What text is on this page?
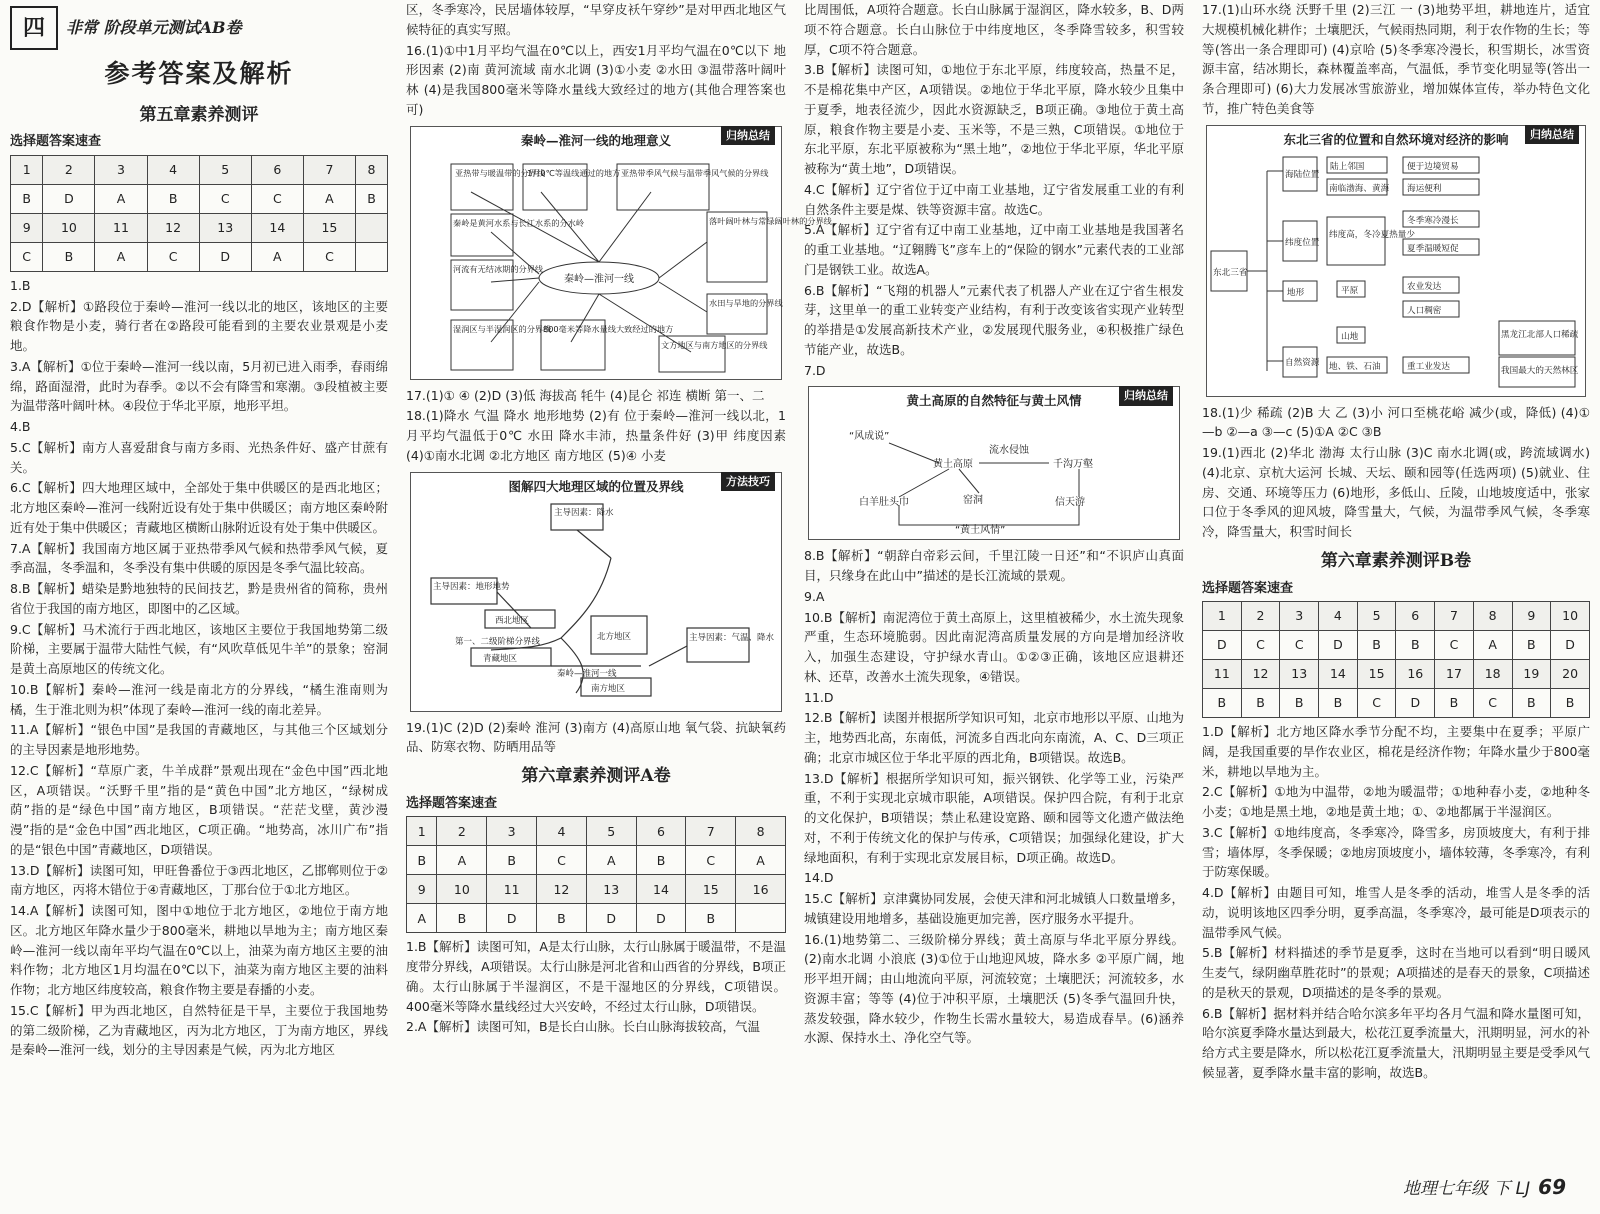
四	非常 阶段单元测试AB卷
参考答案及解析
第五章素养测评
选择题答案速查
1	2	3	4	5	6	7	8
B	D	A	B	C	C	A	B
9	10	11	12	13	14	15	
C	B	A	C	D	A	C	

1.B

2.D【解析】①路段位于秦岭—淮河一线以北的地区，该地区的主要粮食作物是小麦，骑行者在②路段可能看到的主要农业景观是小麦地。

3.A【解析】①位于秦岭—淮河一线以南，5月初已进入雨季，春雨绵绵，路面湿滑，此时为春季。②以不会有降雪和寒潮。③段植被主要为温带落叶阔叶林。④段位于华北平原，地形平坦。

4.B

5.C【解析】南方人喜爱甜食与南方多雨、光热条件好、盛产甘蔗有关。

6.C【解析】四大地理区域中，全部处于集中供暖区的是西北地区；北方地区秦岭—淮河一线附近设有处于集中供暖区；南方地区秦岭附近有处于集中供暖区；青藏地区横断山脉附近设有处于集中供暖区。

7.A【解析】我国南方地区属于亚热带季风气候和热带季风气候，夏季高温，冬季温和，冬季没有集中供暖的原因是冬季气温比较高。

8.B【解析】蜡染是黔地独特的民间技艺，黔是贵州省的简称，贵州省位于我国的南方地区，即图中的乙区域。

9.C【解析】马术流行于西北地区，该地区主要位于我国地势第二级阶梯，主要属于温带大陆性气候，有“风吹草低见牛羊”的景象；窑洞是黄土高原地区的传统文化。

10.B【解析】秦岭—淮河一线是南北方的分界线，“橘生淮南则为橘，生于淮北则为枳”体现了秦岭—淮河一线的南北差异。

11.A【解析】“银色中国”是我国的青藏地区，与其他三个区域划分的主导因素是地形地势。

12.C【解析】“草原广袤，牛羊成群”景观出现在“金色中国”西北地区，A项错误。“沃野千里”指的是“黄色中国”北方地区，“绿树成荫”指的是“绿色中国”南方地区，B项错误。“茫茫戈壁，黄沙漫漫”指的是“金色中国”西北地区，C项正确。“地势高，冰川广布”指的是“银色中国”青藏地区，D项错误。

13.D【解析】读图可知，甲旺鲁番位于③西北地区，乙邯郸则位于②南方地区，丙将木错位于④青藏地区，丁那台位于①北方地区。

14.A【解析】读图可知，图中①地位于北方地区，②地位于南方地区。北方地区年降水量少于800毫米，耕地以旱地为主；南方地区秦岭—淮河一线以南年平均气温在0℃以上，油菜为南方地区主要的油料作物；北方地区1月均温在0℃以下，油菜为南方地区主要的油料作物；北方地区纬度较高，粮食作物主要是春播的小麦。

15.C【解析】甲为西北地区，自然特征是干旱，主要位于我国地势的第二级阶梯，乙为青藏地区，丙为北方地区，丁为南方地区，界线是秦岭—淮河一线，划分的主导因素是气候，丙为北方地区

区，冬季寒冷，民居墙体较厚，“早穿皮袄午穿纱”是对甲西北地区气候特征的真实写照。

16.(1)①中1月平均气温在0℃以上，西安1月平均气温在0℃以下 地形因素 (2)南 黄河流域 南水北调 (3)①小麦 ②水田 ③温带落叶阔叶林 (4)是我国800毫米等降水量线大致经过的地方(其他合理答案也可)

归纳总结
秦岭—淮河一线的地理意义
秦岭—淮河一线
亚热带与暖温带的分界线
1月0℃等温线通过的地方 亚热带季风气候与温带季风气候的分界线
落叶阔叶林与常绿阔叶林的分界线
水田与旱地的分界线
文方地区与南方地区的分界线
800毫米等降水量线大致经过的地方
湿润区与半湿润区的分界线
河流有无结冰期的分界线
秦岭是黄河水系与长江水系的分水岭

17.(1)① ④ (2)D (3)低 海拔高 牦牛 (4)昆仑 祁连 横断 第一、二

18.(1)降水 气温 降水 地形地势 (2)有 位于秦岭—淮河一线以北，1月平均气温低于0℃ 水田 降水丰沛，热量条件好 (3)甲 纬度因素 (4)①南水北调 ②北方地区 南方地区 (5)④ 小麦

方法技巧
图解四大地理区域的位置及界线
主导因素：降水
主导因素：地形地势
西北地区
北方地区
青藏地区
南方地区
主导因素：气温、降水
第一、二级阶梯分界线
秦岭—淮河一线

19.(1)C (2)D (2)秦岭 淮河 (3)南方 (4)高原山地 氧气袋、抗缺氧药品、防寒衣物、防晒用品等

第六章素养测评A卷
选择题答案速查
1	2	3	4	5	6	7	8
B	A	B	C	A	B	C	A
9	10	11	12	13	14	15	16
A	B	D	B	D	D	B	

1.B【解析】读图可知，A是太行山脉，太行山脉属于暖温带，不是温度带分界线，A项错误。太行山脉是河北省和山西省的分界线，B项正确。太行山脉属于半湿润区，不是干湿地区的分界线，C项错误。400毫米等降水量线经过大兴安岭，不经过太行山脉，D项错误。

2.A【解析】读图可知，B是长白山脉。长白山脉海拔较高，气温

比周围低，A项符合题意。长白山脉属于湿润区，降水较多，B、D两项不符合题意。长白山脉位于中纬度地区，冬季降雪较多，积雪较厚，C项不符合题意。

3.B【解析】读图可知，①地位于东北平原，纬度较高，热量不足，不是棉花集中产区，A项错误。②地位于华北平原，降水较少且集中于夏季，地表径流少，因此水资源缺乏，B项正确。③地位于黄土高原，粮食作物主要是小麦、玉米等，不是三熟，C项错误。①地位于东北平原，东北平原被称为“黑土地”，②地位于华北平原，华北平原被称为“黄土地”，D项错误。

4.C【解析】辽宁省位于辽中南工业基地，辽宁省发展重工业的有利自然条件主要是煤、铁等资源丰富。故选C。

5.A【解析】辽宁省有辽中南工业基地，辽中南工业基地是我国著名的重工业基地。“辽翱腾飞”彦车上的“保险的钢水”元素代表的工业部门是钢铁工业。故选A。

6.B【解析】“飞翔的机器人”元素代表了机器人产业在辽宁省生根发芽，这里单一的重工业转变产业结构，有利于改变该省实现产业转型的举措是①发展高新技术产业，②发展现代服务业，④积极推广绿色节能产业，故选B。

7.D

归纳总结
黄土高原的自然特征与黄土风情
“风成说”
黄土高原
流水侵蚀
千沟万壑
白羊肚头巾	窑洞	信天游
“黄土风情”

8.B【解析】“朝辞白帝彩云间，千里江陵一日还”和“不识庐山真面目，只缘身在此山中”描述的是长江流域的景观。

9.A

10.B【解析】南泥湾位于黄土高原上，这里植被稀少，水土流失现象严重，生态环境脆弱。因此南泥湾高质量发展的方向是增加经济收入，加强生态建设，守护绿水青山。①②③正确，该地区应退耕还林、还草，改善水土流失现象，④错误。

11.D

12.B【解析】读图并根据所学知识可知，北京市地形以平原、山地为主，地势西北高，东南低，河流多自西北向东南流，A、C、D三项正确；北京市城区位于华北平原的西北角，B项错误。故选B。

13.D【解析】根据所学知识可知，振兴钢铁、化学等工业，污染严重，不利于实现北京城市职能，A项错误。保护四合院，有利于北京的文化保护，B项错误；禁止私建设宽路、颐和园等文化遗产做法绝对，不利于传统文化的保护与传承，C项错误；加强绿化建设，扩大绿地面积，有利于实现北京发展目标，D项正确。故选D。

14.D

15.C【解析】京津冀协同发展，会使天津和河北城镇人口数量增多，城镇建设用地增多，基础设施更加完善，医疗服务水平提升。

16.(1)地势第二、三级阶梯分界线；黄土高原与华北平原分界线。(2)南水北调 小浪底 (3)①位于山地迎风坡，降水多 ②平原广阔，地形平坦开阔；由山地流向平原，河流较宽；土壤肥沃；河流较多，水资源丰富；等等 (4)位于冲积平原，土壤肥沃 (5)冬季气温回升快，蒸发较强，降水较少，作物生长需水量较大，易造成春旱。(6)涵养水源、保持水土、净化空气等。

17.(1)山环水绕 沃野千里 (2)三江 一 (3)地势平坦，耕地连片，适宜大规模机械化耕作；土壤肥沃，气候雨热同期，利于农作物的生长；等等(答出一条合理即可) (4)京哈 (5)冬季寒冷漫长，积雪期长，冰雪资源丰富，结冰期长，森林覆盖率高，气温低，季节变化明显等(答出一条合理即可) (6)大力发展冰雪旅游业，增加媒体宣传，举办特色文化节，推广特色美食等

归纳总结
东北三省的位置和自然环境对经济的影响
东北三省
海陆位置
纬度位置
地形
自然资源
陆上邻国
南临渤海、黄海
纬度高，冬冷夏热量少
平原
山地
地、铁、石油
便于边境贸易
海运便利
冬季寒冷漫长
夏季温暖短促
农业发达
人口稠密
黑龙江北部人口稀疏
重工业发达	我国最大的天然林区

18.(1)少 稀疏 (2)B 大 乙 (3)小 河口至桃花峪 减少(或，降低) (4)①—b ②—a ③—c (5)①A ②C ③B

19.(1)西北 (2)华北 渤海 太行山脉 (3)C 南水北调(或，跨流域调水) (4)北京、京杭大运河 长城、天坛、颐和园等(任选两项) (5)就业、住房、交通、环境等压力 (6)地形，多低山、丘陵，山地坡度适中，张家口位于冬季风的迎风坡，降雪量大，气候，为温带季风气候，冬季寒冷，降雪量大，积雪时间长

第六章素养测评B卷
选择题答案速查
1	2	3	4	5	6	7	8	9	10
D	C	C	D	B	B	C	A	B	D
11	12	13	14	15	16	17	18	19	20
B	B	B	B	C	D	B	C	B	B

1.D【解析】北方地区降水季节分配不均，主要集中在夏季；平原广阔，是我国重要的旱作农业区，棉花是经济作物；年降水量少于800毫米，耕地以旱地为主。

2.C【解析】①地为中温带，②地为暖温带；①地种春小麦，②地种冬小麦；①地是黑土地，②地是黄土地；①、②地都属于半湿润区。

3.C【解析】①地纬度高，冬季寒冷，降雪多，房顶坡度大，有利于排雪；墙体厚，冬季保暖；②地房顶坡度小，墙体较薄，冬季寒冷，有利于防寒保暖。

4.D【解析】由题目可知，堆雪人是冬季的活动，堆雪人是冬季的活动，说明该地区四季分明，夏季高温，冬季寒冷，最可能是D项表示的温带季风气候。

5.B【解析】材料描述的季节是夏季，这时在当地可以看到“明日暖风生麦气，绿阴幽草胜花时”的景观；A项描述的是春天的景象，C项描述的是秋天的景观，D项描述的是冬季的景观。

6.B【解析】据材料并结合哈尔滨多年平均各月气温和降水量图可知，哈尔滨夏季降水量达到最大，松花江夏季流量大，汛期明显，河水的补给方式主要是降水，所以松花江夏季流量大，汛期明显主要是受季风气候显著，夏季降水量丰富的影响，故选B。

地理七年级 下 LJ 69
